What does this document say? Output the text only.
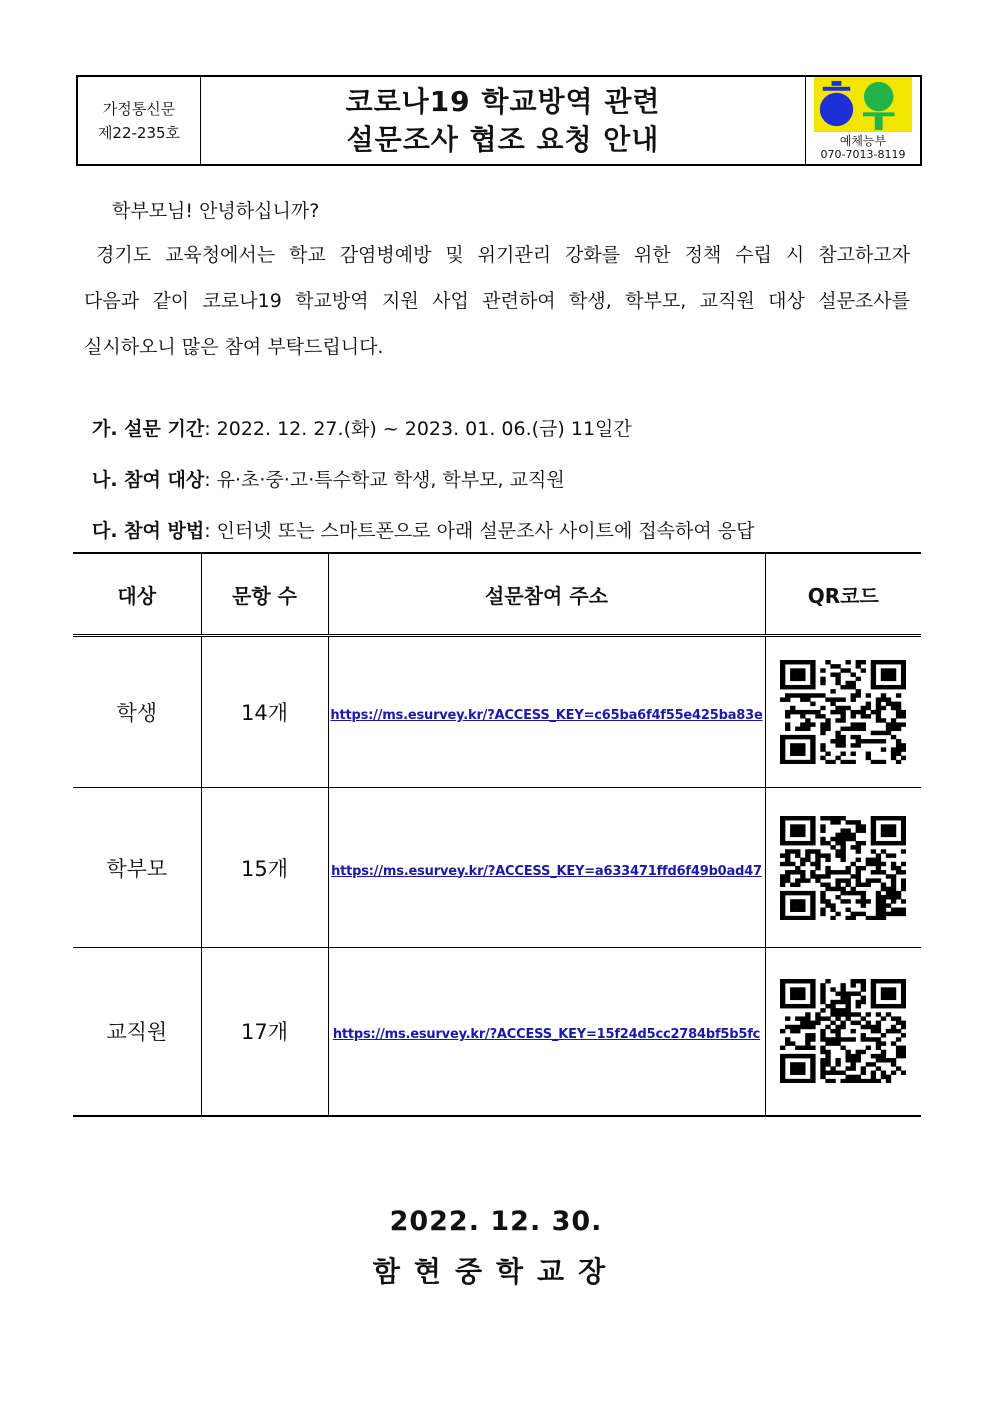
가정통신문
제22-235호
코로나19 학교방역 관련
설문조사 협조 요청 안내	예체능부
070-7013-8119
학부모님! 안녕하십니까?
경기도 교육청에서는 학교 감염병예방 및 위기관리 강화를 위한 정책 수립 시 참고하고자
다음과 같이 코로나19 학교방역 지원 사업 관련하여 학생, 학부모, 교직원 대상 설문조사를
실시하오니 많은 참여 부탁드립니다.
가. 설문 기간: 2022. 12. 27.(화) ~ 2023. 01. 06.(금) 11일간
나. 참여 대상: 유·초·중·고·특수학교 학생, 학부모, 교직원
다. 참여 방법: 인터넷 또는 스마트폰으로 아래 설문조사 사이트에 접속하여 응답
대상	문항 수	설문참여 주소	QR코드
학생	14개	https://ms.esurvey.kr/?ACCESS_KEY=c65ba6f4f55e425ba83e	

학부모	15개	https://ms.esurvey.kr/?ACCESS_KEY=a633471ffd6f49b0ad47	

교직원	17개	https://ms.esurvey.kr/?ACCESS_KEY=15f24d5cc2784bf5b5fc	
2022. 12. 30.
함현중학교장
